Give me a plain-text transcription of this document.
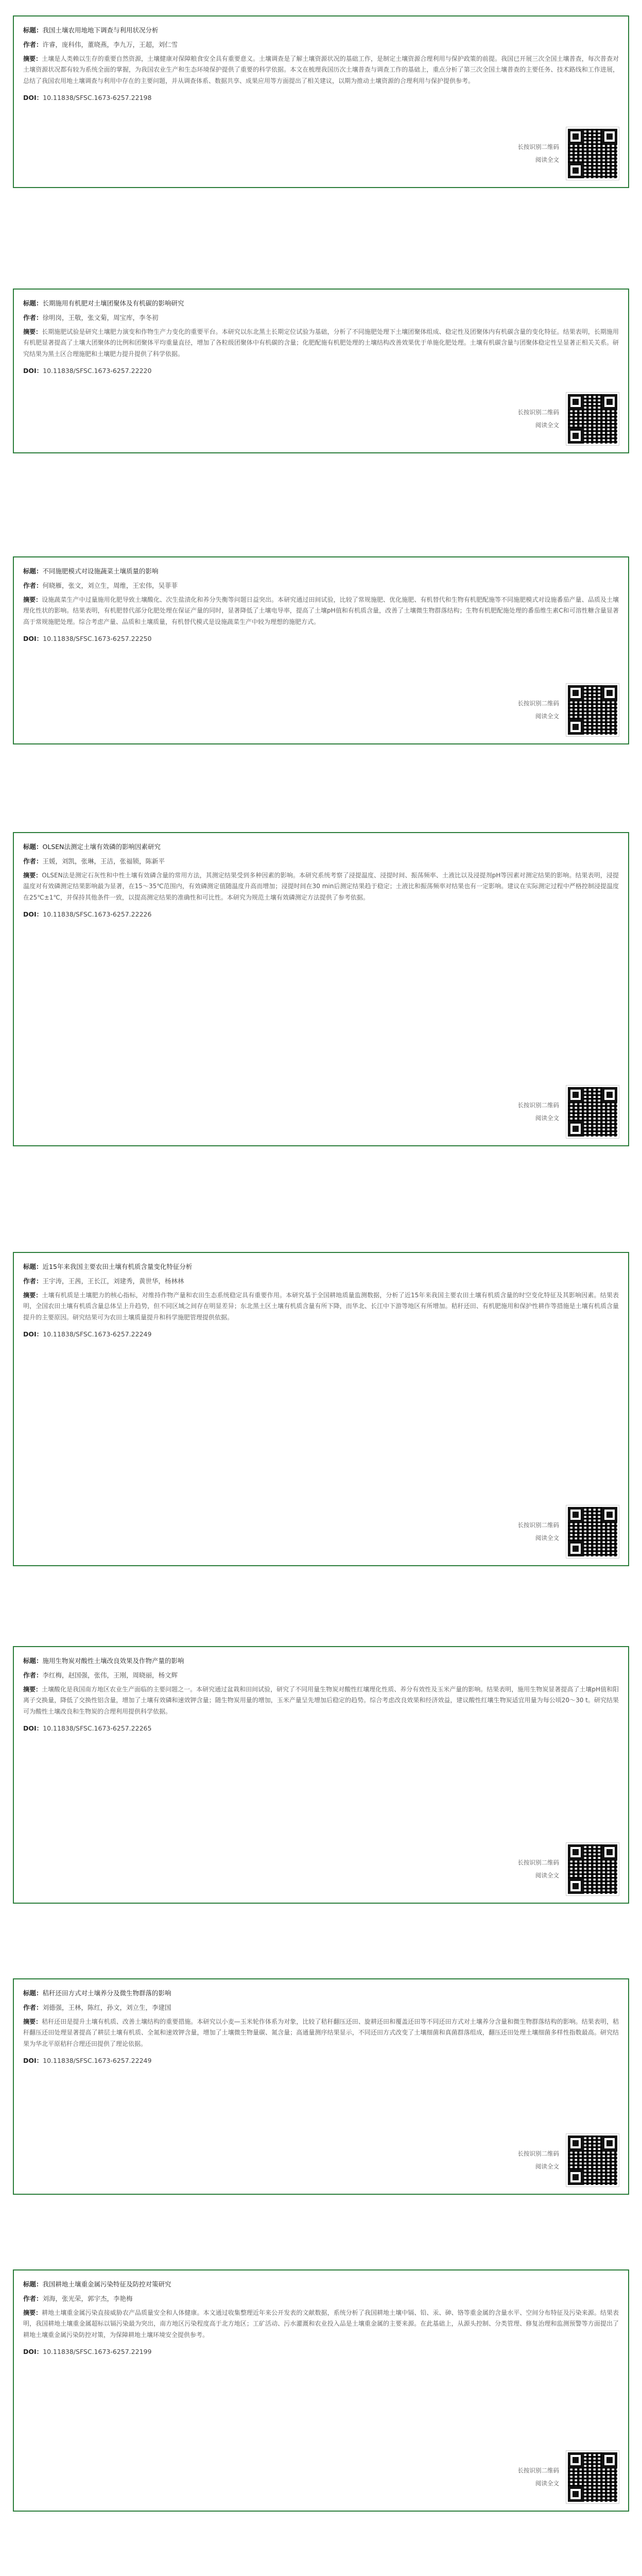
标题：我国土壤农用地地下调查与利用状况分析
作者：许睿，庞科伟，董晓燕，李九万，王超，刘仁雪
摘要：土壤是人类赖以生存的重要自然资源，土壤健康对保障粮食安全具有重要意义。土壤调查是了解土壤资源状况的基础工作，是制定土壤资源合理利用与保护政策的前提。我国已开展三次全国土壤普查，每次普查对土壤资源状况都有较为系统全面的掌握，为我国农业生产和生态环境保护提供了重要的科学依据。本文在梳理我国历次土壤普查与调查工作的基础上，重点分析了第三次全国土壤普查的主要任务、技术路线和工作进展，总结了我国农用地土壤调查与利用中存在的主要问题，并从调查体系、数据共享、成果应用等方面提出了相关建议，以期为推动土壤资源的合理利用与保护提供参考。
DOI：10.11838/SFSC.1673-6257.22198
长按识别二维码
阅读全文
标题：长期施用有机肥对土壤团聚体及有机碳的影响研究
作者：徐明岗，王敬，张文菊，周宝库，李冬初
摘要：长期施肥试验是研究土壤肥力演变和作物生产力变化的重要平台。本研究以东北黑土长期定位试验为基础，分析了不同施肥处理下土壤团聚体组成、稳定性及团聚体内有机碳含量的变化特征。结果表明，长期施用有机肥显著提高了土壤大团聚体的比例和团聚体平均重量直径，增加了各粒级团聚体中有机碳的含量；化肥配施有机肥处理的土壤结构改善效果优于单施化肥处理。土壤有机碳含量与团聚体稳定性呈显著正相关关系。研究结果为黑土区合理施肥和土壤肥力提升提供了科学依据。
DOI：10.11838/SFSC.1673-6257.22220
长按识别二维码
阅读全文
标题：不同施肥模式对设施蔬菜土壤质量的影响
作者：何晓雁，张文，刘立生，周维，王宏伟，吴菲菲
摘要：设施蔬菜生产中过量施用化肥导致土壤酸化、次生盐渍化和养分失衡等问题日益突出。本研究通过田间试验，比较了常规施肥、优化施肥、有机替代和生物有机肥配施等不同施肥模式对设施番茄产量、品质及土壤理化性状的影响。结果表明，有机肥替代部分化肥处理在保证产量的同时，显著降低了土壤电导率，提高了土壤pH值和有机质含量，改善了土壤微生物群落结构；生物有机肥配施处理的番茄维生素C和可溶性糖含量显著高于常规施肥处理。综合考虑产量、品质和土壤质量，有机替代模式是设施蔬菜生产中较为理想的施肥方式。
DOI：10.11838/SFSC.1673-6257.22250
长按识别二维码
阅读全文
标题：OLSEN法测定土壤有效磷的影响因素研究
作者：王媛，刘凯，张琳，王洁，张福锁，陈新平
摘要：OLSEN法是测定石灰性和中性土壤有效磷含量的常用方法，其测定结果受到多种因素的影响。本研究系统考察了浸提温度、浸提时间、振荡频率、土液比以及浸提剂pH等因素对测定结果的影响。结果表明，浸提温度对有效磷测定结果影响最为显著，在15～35℃范围内，有效磷测定值随温度升高而增加；浸提时间在30 min后测定结果趋于稳定；土液比和振荡频率对结果也有一定影响。建议在实际测定过程中严格控制浸提温度在25℃±1℃，并保持其他条件一致，以提高测定结果的准确性和可比性。本研究为规范土壤有效磷测定方法提供了参考依据。
DOI：10.11838/SFSC.1673-6257.22226
长按识别二维码
阅读全文
标题：近15年来我国主要农田土壤有机质含量变化特征分析
作者：王宇涛，王茜，王长江，刘建秀，黄世华，杨林林
摘要：土壤有机质是土壤肥力的核心指标，对维持作物产量和农田生态系统稳定具有重要作用。本研究基于全国耕地质量监测数据，分析了近15年来我国主要农田土壤有机质含量的时空变化特征及其影响因素。结果表明，全国农田土壤有机质含量总体呈上升趋势，但不同区域之间存在明显差异；东北黑土区土壤有机质含量有所下降，而华北、长江中下游等地区有所增加。秸秆还田、有机肥施用和保护性耕作等措施是土壤有机质含量提升的主要原因。研究结果可为农田土壤质量提升和科学施肥管理提供依据。
DOI：10.11838/SFSC.1673-6257.22249
长按识别二维码
阅读全文
标题：施用生物炭对酸性土壤改良效果及作物产量的影响
作者：李红梅，赵国强，张伟，王刚，周晓丽，杨文辉
摘要：土壤酸化是我国南方地区农业生产面临的主要问题之一。本研究通过盆栽和田间试验，研究了不同用量生物炭对酸性红壤理化性质、养分有效性及玉米产量的影响。结果表明，施用生物炭显著提高了土壤pH值和阳离子交换量，降低了交换性铝含量，增加了土壤有效磷和速效钾含量；随生物炭用量的增加，玉米产量呈先增加后稳定的趋势。综合考虑改良效果和经济效益，建议酸性红壤生物炭适宜用量为每公顷20～30 t。研究结果可为酸性土壤改良和生物炭的合理利用提供科学依据。
DOI：10.11838/SFSC.1673-6257.22265
长按识别二维码
阅读全文
标题：秸秆还田方式对土壤养分及微生物群落的影响
作者：刘德强，王林，陈红，孙文，刘立生，李建国
摘要：秸秆还田是提升土壤有机质、改善土壤结构的重要措施。本研究以小麦—玉米轮作体系为对象，比较了秸秆翻压还田、旋耕还田和覆盖还田等不同还田方式对土壤养分含量和微生物群落结构的影响。结果表明，秸秆翻压还田处理显著提高了耕层土壤有机质、全氮和速效钾含量，增加了土壤微生物量碳、氮含量；高通量测序结果显示，不同还田方式改变了土壤细菌和真菌群落组成，翻压还田处理土壤细菌多样性指数最高。研究结果为华北平原秸秆合理还田提供了理论依据。
DOI：10.11838/SFSC.1673-6257.22249
长按识别二维码
阅读全文
标题：我国耕地土壤重金属污染特征及防控对策研究
作者：刘海，张光荣，郭宇杰，李艳梅
摘要：耕地土壤重金属污染直接威胁农产品质量安全和人体健康。本文通过收集整理近年来公开发表的文献数据，系统分析了我国耕地土壤中镉、铅、汞、砷、铬等重金属的含量水平、空间分布特征及污染来源。结果表明，我国耕地土壤重金属超标以镉污染最为突出，南方地区污染程度高于北方地区；工矿活动、污水灌溉和农业投入品是土壤重金属的主要来源。在此基础上，从源头控制、分类管理、修复治理和监测预警等方面提出了耕地土壤重金属污染防控对策，为保障耕地土壤环境安全提供参考。
DOI：10.11838/SFSC.1673-6257.22199
长按识别二维码
阅读全文
